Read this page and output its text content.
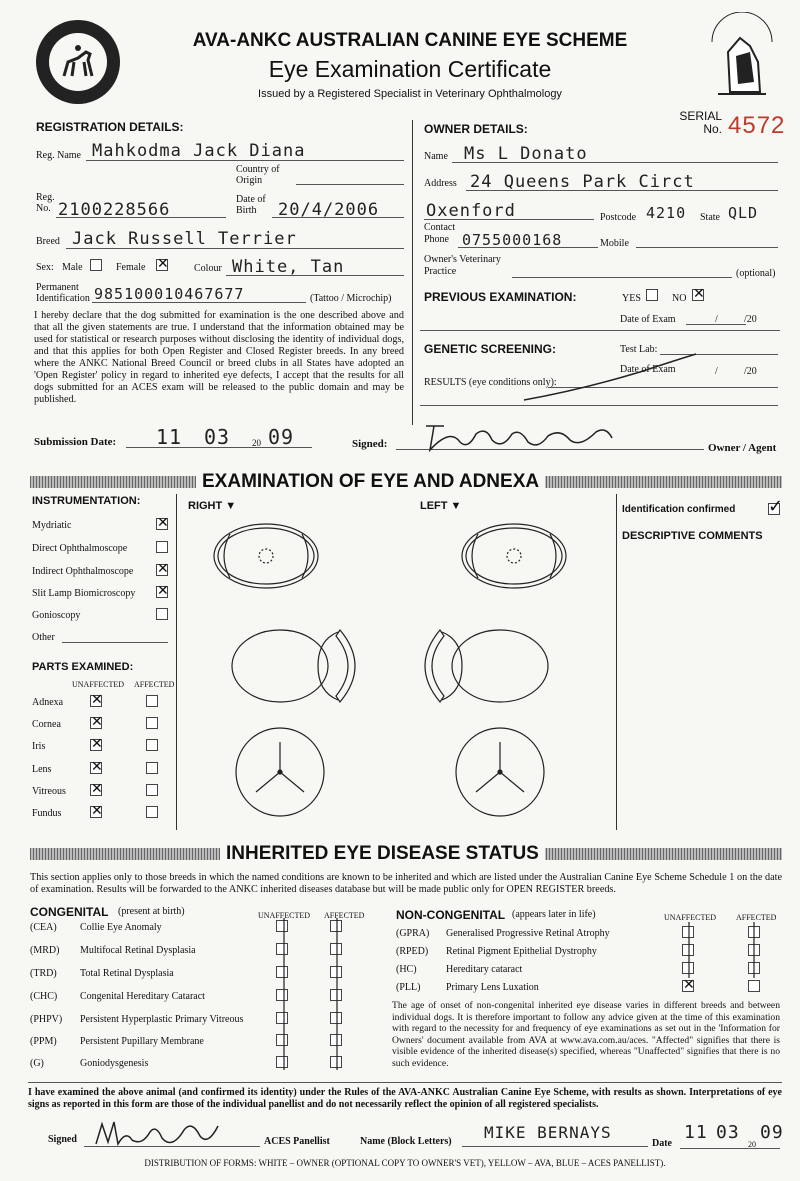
AVA-ANKC AUSTRALIAN CANINE EYE SCHEME
Eye Examination Certificate
Issued by a Registered Specialist in Veterinary Ophthalmology
SERIAL No. 4572
REGISTRATION DETAILS:
Reg. Name Mahkodma Jack Diana
Country of Origin
Reg. No. 2100228566
Date of Birth	20/4/2006
Breed Jack Russell Terrier
Sex: Male	Female
✕	Colour White, Tan
Permanent Identification 985100010467677	(Tattoo / Microchip)
I hereby declare that the dog submitted for examination is the one described above and that all the given statements are true. I understand that the information obtained may be used for statistical or research purposes without disclosing the identity of individual dogs, and that this applies for both Open Register and Closed Register breeds. In any breed where the ANKC National Breed Council or breed clubs in all States have adopted an 'Open Register' policy in regard to inherited eye defects, I accept that the results for all dogs submitted for an ACES exam will be released to the public domain and may be published.
Submission Date: 11 03 20 09	Signed:	Owner / Agent
OWNER DETAILS:
Name Ms L Donato
Address 24 Queens Park Circt
Oxenford	Postcode 4210 State QLD
Contact Phone 0755000168	Mobile
Owner's Veterinary Practice	(optional)
PREVIOUS EXAMINATION:	YES	NO
✕
Date of Exam	/	/20
GENETIC SCREENING:	Test Lab:
Date of Exam	/	/20
RESULTS (eye conditions only):
EXAMINATION OF EYE AND ADNEXA
INSTRUMENTATION:
Mydriatic
✕
Direct Ophthalmoscope
Indirect Ophthalmoscope
✕
Slit Lamp Biomicroscopy
✕
Gonioscopy
Other
PARTS EXAMINED:
UNAFFECTED AFFECTED
Adnexa
✕
Cornea
✕
Iris
✕
Lens
✕
Vitreous
✕
Fundus
✕
RIGHT ▼	LEFT ▼	Identification confirmed ✓
DESCRIPTIVE COMMENTS
INHERITED EYE DISEASE STATUS
This section applies only to those breeds in which the named conditions are known to be inherited and which are listed under the Australian Canine Eye Scheme Schedule 1 on the date of examination. Results will be forwarded to the ANKC inherited diseases database but will be made public only for OPEN REGISTER breeds.
CONGENITAL (present at birth)	UNAFFECTED AFFECTED
(CEA) Collie Eye Anomaly
(MRD) Multifocal Retinal Dysplasia
(TRD) Total Retinal Dysplasia
(CHC) Congenital Hereditary Cataract
(PHPV) Persistent Hyperplastic Primary Vitreous
(PPM) Persistent Pupillary Membrane
(G)	Goniodysgenesis
NON-CONGENITAL (appears later in life)	UNAFFECTED AFFECTED
(GPRA) Generalised Progressive Retinal Atrophy
(RPED) Retinal Pigment Epithelial Dystrophy
(HC)	Hereditary cataract
(PLL)	Primary Lens Luxation
✕
The age of onset of non-congenital inherited eye disease varies in different breeds and between individual dogs. It is therefore important to follow any advice given at the time of this examination with regard to the necessity for and frequency of eye examinations as set out in the 'Information for Owners' document available from AVA at www.ava.com.au/aces. "Affected" signifies that there is visible evidence of the inherited disease(s) specified, whereas "Unaffected" signifies that there is no such evidence.
I have examined the above animal (and confirmed its identity) under the Rules of the AVA-ANKC Australian Canine Eye Scheme, with results as shown. Interpretations of eye signs as reported in this form are those of the individual panellist and do not necessarily reflect the opinion of all registered specialists.
Signed	ACES Panellist	Name (Block Letters) MIKE BERNAYS
Date
11 03
20
09
DISTRIBUTION OF FORMS: WHITE – OWNER (OPTIONAL COPY TO OWNER'S VET), YELLOW – AVA, BLUE – ACES PANELLIST).
